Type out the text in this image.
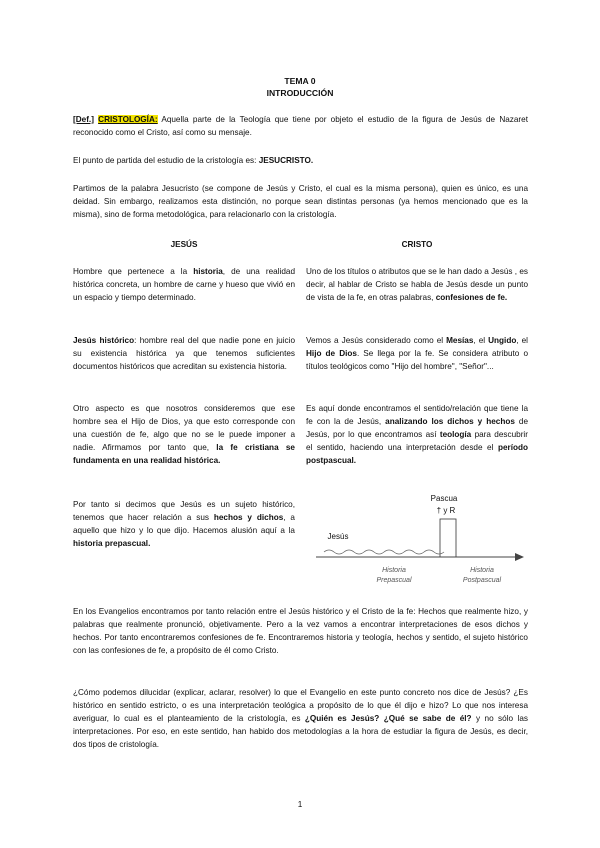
TEMA 0
INTRODUCCIÓN

[Def.] CRISTOLOGÍA: Aquella parte de la Teología que tiene por objeto el estudio de la figura de Jesús de Nazaret reconocido como el Cristo, así como su mensaje.

El punto de partida del estudio de la cristología es: JESUCRISTO.

Partimos de la palabra Jesucristo (se compone de Jesús y Cristo, el cual es la misma persona), quien es único, es una deidad. Sin embargo, realizamos esta distinción, no porque sean distintas personas (ya hemos mencionado que es la misma), sino de forma metodológica, para relacionarlo con la cristología.

JESÚS	CRISTO

Hombre que pertenece a la historia, de una realidad histórica concreta, un hombre de carne y hueso que vivió en un espacio y tiempo determinado.

Jesús histórico: hombre real del que nadie pone en juicio su existencia histórica ya que tenemos suficientes documentos históricos que acreditan su existencia historia.

Otro aspecto es que nosotros consideremos que ese hombre sea el Hijo de Dios, ya que esto corresponde con una cuestión de fe, algo que no se le puede imponer a nadie. Afirmamos por tanto que, la fe cristiana se fundamenta en una realidad histórica.

Por tanto si decimos que Jesús es un sujeto histórico, tenemos que hacer relación a sus hechos y dichos, a aquello que hizo y lo que dijo. Hacemos alusión aquí a la historia prepascual.

Uno de los títulos o atributos que se le han dado a Jesús , es decir, al hablar de Cristo se habla de Jesús desde un punto de vista de la fe, en otras palabras, confesiones de fe.

Vemos a Jesús considerado como el Mesías, el Ungido, el Hijo de Dios. Se llega por la fe. Se considera atributo o títulos teológicos como "Hijo del hombre", "Señor"...

Es aquí donde encontramos el sentido/relación que tiene la fe con la de Jesús, analizando los dichos y hechos de Jesús, por lo que encontramos así teología para descubrir el sentido, haciendo una interpretación desde el período postpascual.

Pascua
† y R
Jesús
Historia
Prepascual
Historia
Postpascual

En los Evangelios encontramos por tanto relación entre el Jesús histórico y el Cristo de la fe: Hechos que realmente hizo, y palabras que realmente pronunció, objetivamente. Pero a la vez vamos a encontrar interpretaciones de esos dichos y hechos. Por tanto encontraremos confesiones de fe. Encontraremos historia y teología, hechos y sentido, el sujeto histórico con las confesiones de fe, a propósito de él como Cristo.

¿Cómo podemos dilucidar (explicar, aclarar, resolver) lo que el Evangelio en este punto concreto nos dice de Jesús? ¿Es histórico en sentido estricto, o es una interpretación teológica a propósito de lo que él dijo e hizo? Lo que nos interesa averiguar, lo cual es el planteamiento de la cristología, es ¿Quién es Jesús? ¿Qué se sabe de él? y no sólo las interpretaciones. Por eso, en este sentido, han habido dos metodologías a la hora de estudiar la figura de Jesús, es decir, dos tipos de cristología.

1
